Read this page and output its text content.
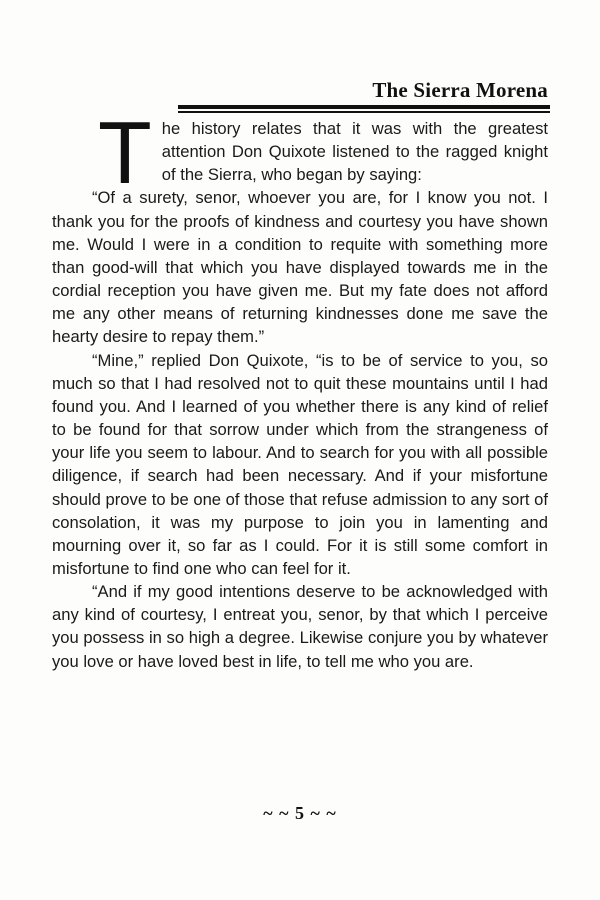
The Sierra Morena

The history relates that it was with the greatest attention Don Quixote listened to the ragged knight of the Sierra, who began by saying:

“Of a surety, senor, whoever you are, for I know you not. I thank you for the proofs of kindness and courtesy you have shown me. Would I were in a condition to requite with something more than good-will that which you have displayed towards me in the cordial reception you have given me. But my fate does not afford me any other means of returning kindnesses done me save the hearty desire to repay them.”

“Mine,” replied Don Quixote, “is to be of service to you, so much so that I had resolved not to quit these mountains until I had found you. And I learned of you whether there is any kind of relief to be found for that sorrow under which from the strangeness of your life you seem to labour. And to search for you with all possible diligence, if search had been necessary. And if your misfortune should prove to be one of those that refuse admission to any sort of consolation, it was my purpose to join you in lamenting and mourning over it, so far as I could. For it is still some comfort in misfortune to find one who can feel for it.

“And if my good intentions deserve to be acknowledged with any kind of courtesy, I entreat you, senor, by that which I perceive you possess in so high a degree. Likewise conjure you by whatever you love or have loved best in life, to tell me who you are.

~ ~ 5 ~ ~
